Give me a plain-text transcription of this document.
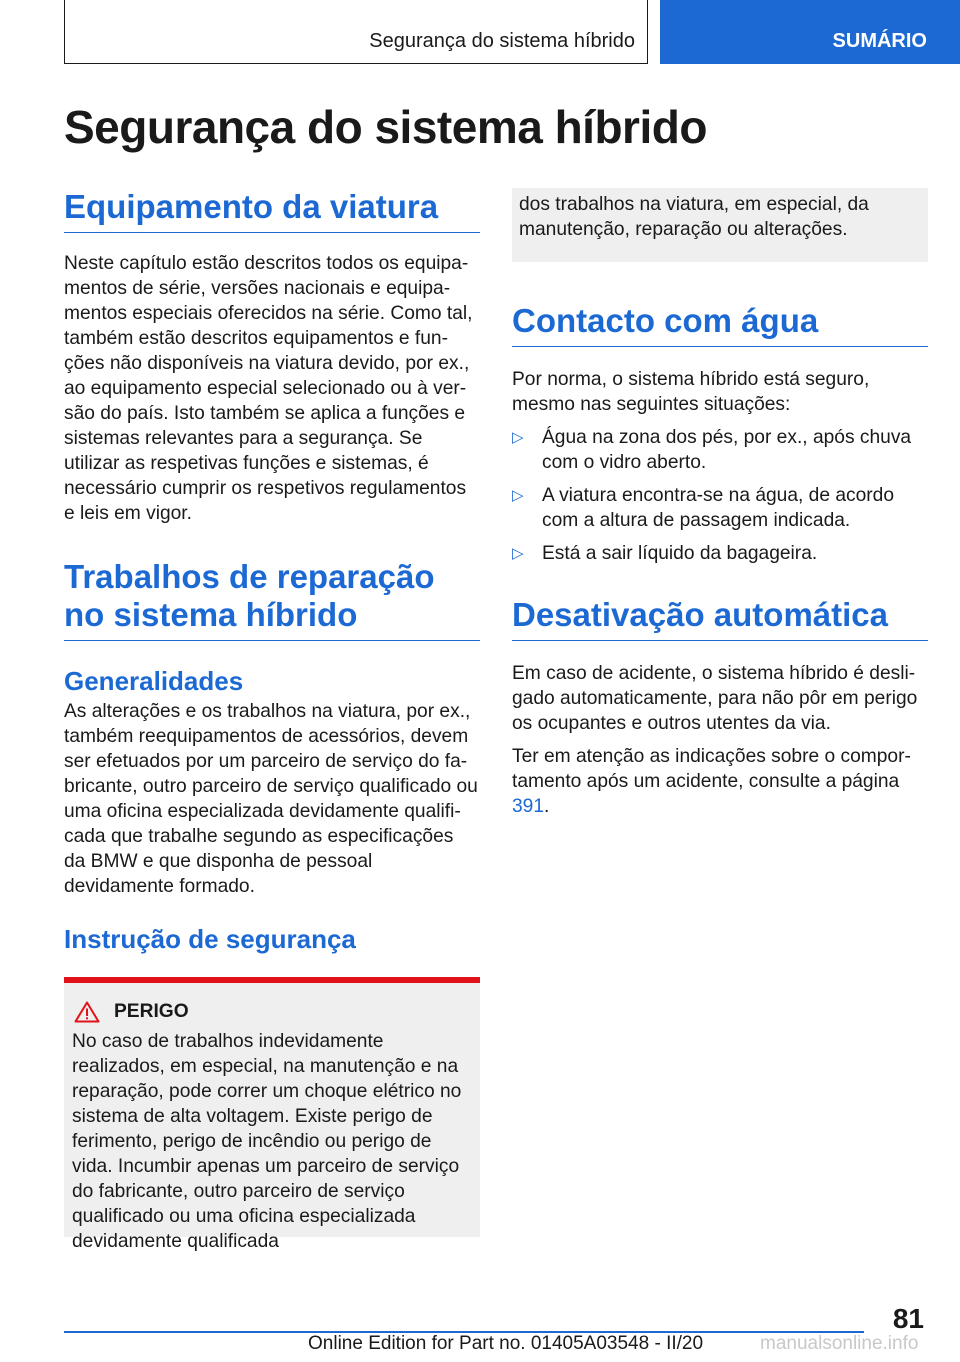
Segurança do sistema híbrido	SUMÁRIO
Segurança do sistema híbrido
Equipamento da viatura

Neste capítulo estão descritos todos os equipamentos de série, versões nacionais e equipamentos especiais oferecidos na série. Como tal, também estão descritos equipamentos e funções não disponíveis na viatura devido, por ex., ao equipamento especial selecionado ou à versão do país. Isto também se aplica a funções e sistemas relevantes para a segurança. Se utilizar as respetivas funções e sistemas, é necessário cumprir os respetivos regulamentos e leis em vigor.

Trabalhos de reparação no sistema híbrido
Generalidades

As alterações e os trabalhos na viatura, por ex., também reequipamentos de acessórios, devem ser efetuados por um parceiro de serviço do fabricante, outro parceiro de serviço qualificado ou uma oficina especializada devidamente qualificada que trabalhe segundo as especificações da BMW e que disponha de pessoal devidamente formado.

Instrução de segurança
PERIGO

No caso de trabalhos indevidamente realizados, em especial, na manutenção e na reparação, pode correr um choque elétrico no sistema de alta voltagem. Existe perigo de ferimento, perigo de incêndio ou perigo de vida. Incumbir apenas um parceiro de serviço do fabricante, outro parceiro de serviço qualificado ou uma oficina especializada devidamente qualificada

dos trabalhos na viatura, em especial, da manutenção, reparação ou alterações.

Contacto com água

Por norma, o sistema híbrido está seguro, mesmo nas seguintes situações:

▷ Água na zona dos pés, por ex., após chuva com o vidro aberto.
▷ A viatura encontra-se na água, de acordo com a altura de passagem indicada.
▷ Está a sair líquido da bagageira.
Desativação automática

Em caso de acidente, o sistema híbrido é desligado automaticamente, para não pôr em perigo os ocupantes e outros utentes da via.

Ter em atenção as indicações sobre o comportamento após um acidente, consulte a página 391.

81
Online Edition for Part no. 01405A03548 - II/20	manualsonline.info
